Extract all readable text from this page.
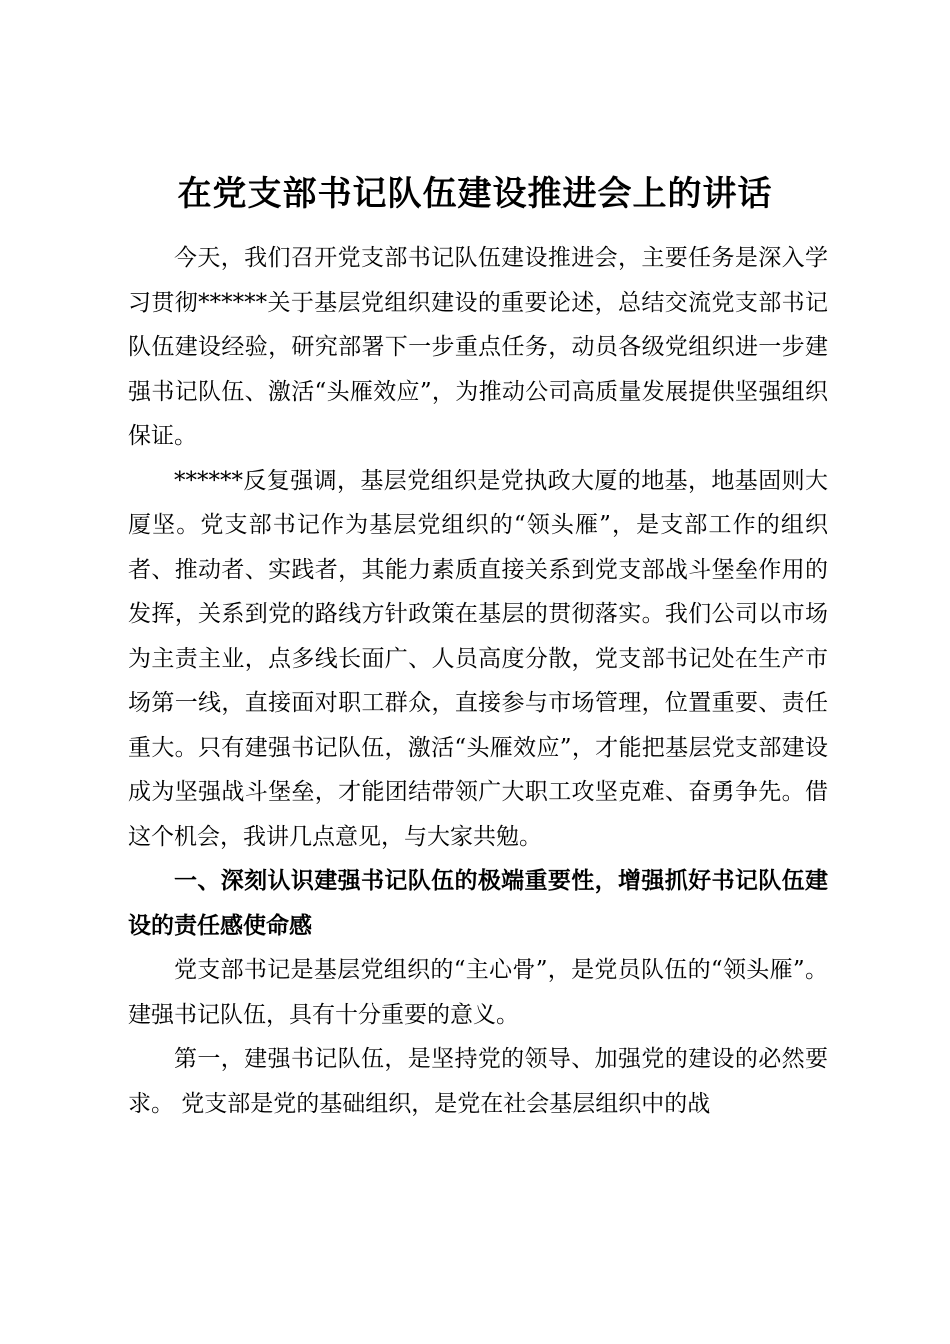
在党支部书记队伍建设推进会上的讲话

今天，我们召开党支部书记队伍建设推进会，主要任务是深入学习贯彻******关于基层党组织建设的重要论述，总结交流党支部书记队伍建设经验，研究部署下一步重点任务，动员各级党组织进一步建强书记队伍、激活“头雁效应”，为推动公司高质量发展提供坚强组织保证。

******反复强调，基层党组织是党执政大厦的地基，地基固则大厦坚。党支部书记作为基层党组织的“领头雁”，是支部工作的组织者、推动者、实践者，其能力素质直接关系到党支部战斗堡垒作用的发挥，关系到党的路线方针政策在基层的贯彻落实。我们公司以市场为主责主业，点多线长面广、人员高度分散，党支部书记处在生产市场第一线，直接面对职工群众，直接参与市场管理，位置重要、责任重大。只有建强书记队伍，激活“头雁效应”，才能把基层党支部建设成为坚强战斗堡垒，才能团结带领广大职工攻坚克难、奋勇争先。借这个机会，我讲几点意见，与大家共勉。

一、深刻认识建强书记队伍的极端重要性，增强抓好书记队伍建设的责任感使命感

党支部书记是基层党组织的“主心骨”，是党员队伍的“领头雁”。建强书记队伍，具有十分重要的意义。

第一，建强书记队伍，是坚持党的领导、加强党的建设的必然要求。 党支部是党的基础组织，是党在社会基层组织中的战
